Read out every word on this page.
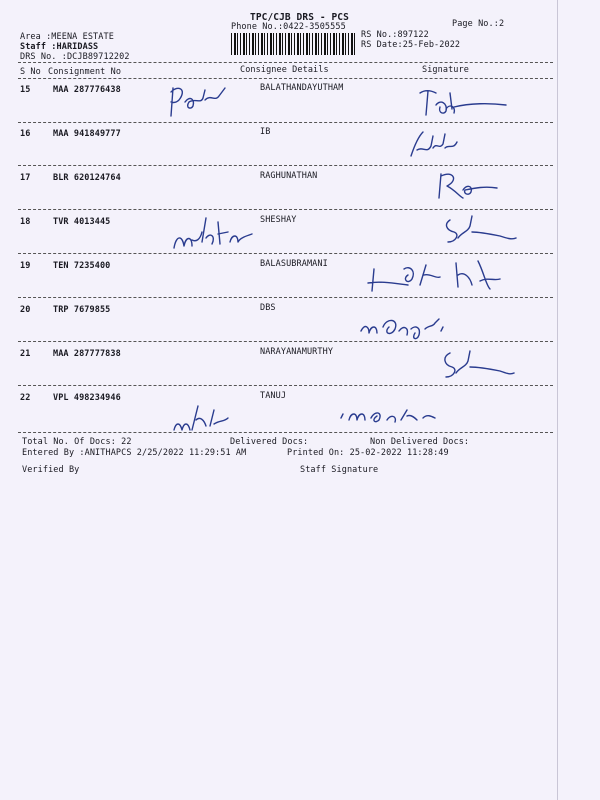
TPC/CJB DRS - PCS
Phone No.:0422-3505555	Page No.:2
Area :MEENA ESTATE
Staff :HARIDASS
DRS No. :DCJB89712202
RS No.:897122
RS Date:25-Feb-2022
S No Consignment No	Consignee Details	Signature
15	MAA 287776438	BALATHANDAYUTHAM
16	MAA 941849777	IB
17	BLR 620124764	RAGHUNATHAN
18	TVR 4013445	SHESHAY
19	TEN 7235400	BALASUBRAMANI
20	TRP 7679855	DBS
21	MAA 287777838	NARAYANAMURTHY
22	VPL 498234946	TANUJ
Total No. Of Docs: 22	Delivered Docs:	Non Delivered Docs:
Entered By :ANITHAPCS 2/25/2022 11:29:51 AM	Printed On: 25-02-2022 11:28:49
Verified By	Staff Signature
